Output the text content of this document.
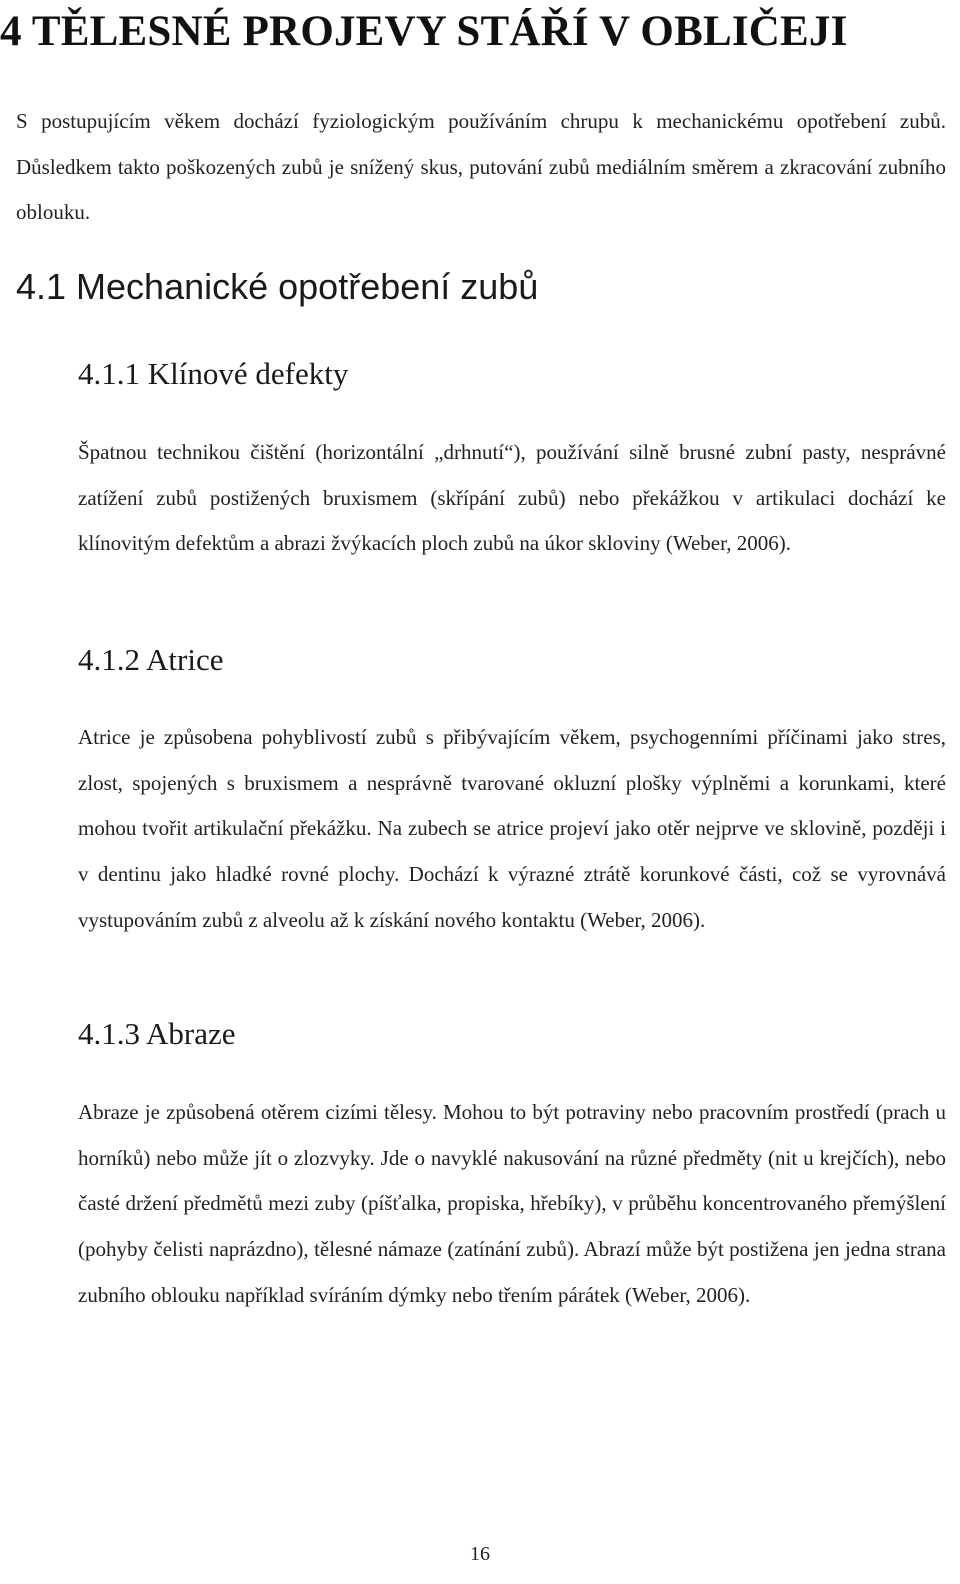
4 TĚLESNÉ PROJEVY STÁŘÍ V OBLIČEJI

S postupujícím věkem dochází fyziologickým používáním chrupu k mechanickému opotřebení zubů. Důsledkem takto poškozených zubů je snížený skus, putování zubů mediálním směrem a zkracování zubního oblouku.

4.1 Mechanické opotřebení zubů
4.1.1 Klínové defekty

Špatnou technikou čištění (horizontální „drhnutí“), používání silně brusné zubní pasty, nesprávné zatížení zubů postižených bruxismem (skřípání zubů) nebo překážkou v artikulaci dochází ke klínovitým defektům a abrazi žvýkacích ploch zubů na úkor skloviny (Weber, 2006).

4.1.2 Atrice

Atrice je způsobena pohyblivostí zubů s přibývajícím věkem, psychogenními příčinami jako stres, zlost, spojených s bruxismem a nesprávně tvarované okluzní plošky výplněmi a korunkami, které mohou tvořit artikulační překážku. Na zubech se atrice projeví jako otěr nejprve ve sklovině, později i v dentinu jako hladké rovné plochy. Dochází k výrazné ztrátě korunkové části, což se vyrovnává vystupováním zubů z alveolu až k získání nového kontaktu (Weber, 2006).

4.1.3 Abraze

Abraze je způsobená otěrem cizími tělesy. Mohou to být potraviny nebo pracovním prostředí (prach u horníků) nebo může jít o zlozvyky. Jde o navyklé nakusování na různé předměty (nit u krejčích), nebo časté držení předmětů mezi zuby (píšťalka, propiska, hřebíky), v průběhu koncentrovaného přemýšlení (pohyby čelisti naprázdno), tělesné námaze (zatínání zubů). Abrazí může být postižena jen jedna strana zubního oblouku například svíráním dýmky nebo třením párátek (Weber, 2006).

16
